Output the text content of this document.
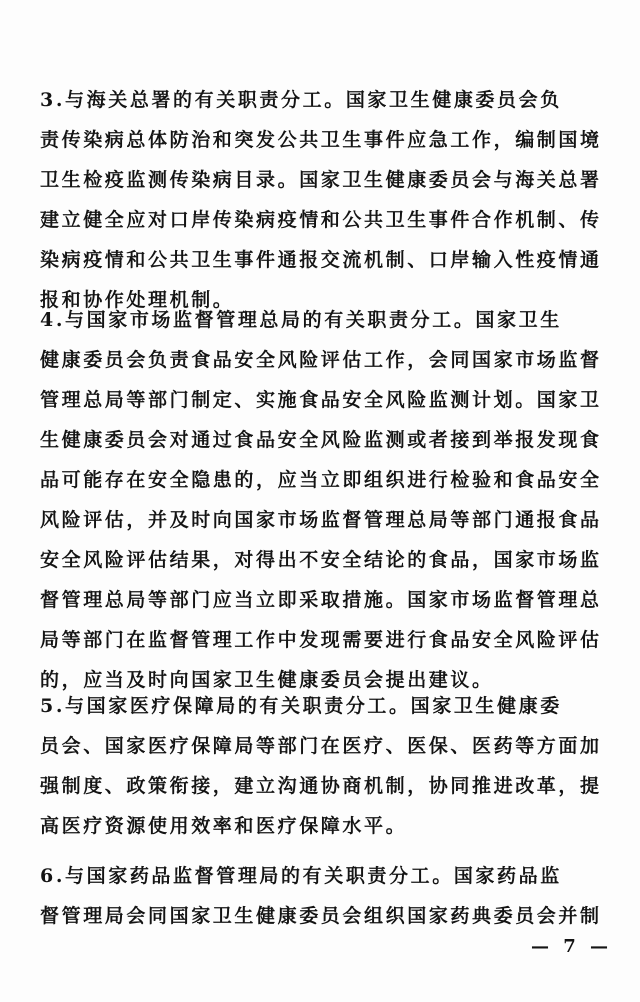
3.与海关总署的有关职责分工。国家卫生健康委员会负
责传染病总体防治和突发公共卫生事件应急工作，编制国境
卫生检疫监测传染病目录。国家卫生健康委员会与海关总署
建立健全应对口岸传染病疫情和公共卫生事件合作机制、传
染病疫情和公共卫生事件通报交流机制、口岸输入性疫情通
报和协作处理机制。

4.与国家市场监督管理总局的有关职责分工。国家卫生
健康委员会负责食品安全风险评估工作，会同国家市场监督
管理总局等部门制定、实施食品安全风险监测计划。国家卫
生健康委员会对通过食品安全风险监测或者接到举报发现食
品可能存在安全隐患的，应当立即组织进行检验和食品安全
风险评估，并及时向国家市场监督管理总局等部门通报食品
安全风险评估结果，对得出不安全结论的食品，国家市场监
督管理总局等部门应当立即采取措施。国家市场监督管理总
局等部门在监督管理工作中发现需要进行食品安全风险评估
的，应当及时向国家卫生健康委员会提出建议。

5.与国家医疗保障局的有关职责分工。国家卫生健康委
员会、国家医疗保障局等部门在医疗、医保、医药等方面加
强制度、政策衔接，建立沟通协商机制，协同推进改革，提
高医疗资源使用效率和医疗保障水平。

6.与国家药品监督管理局的有关职责分工。国家药品监
督管理局会同国家卫生健康委员会组织国家药典委员会并制

— 7 —
